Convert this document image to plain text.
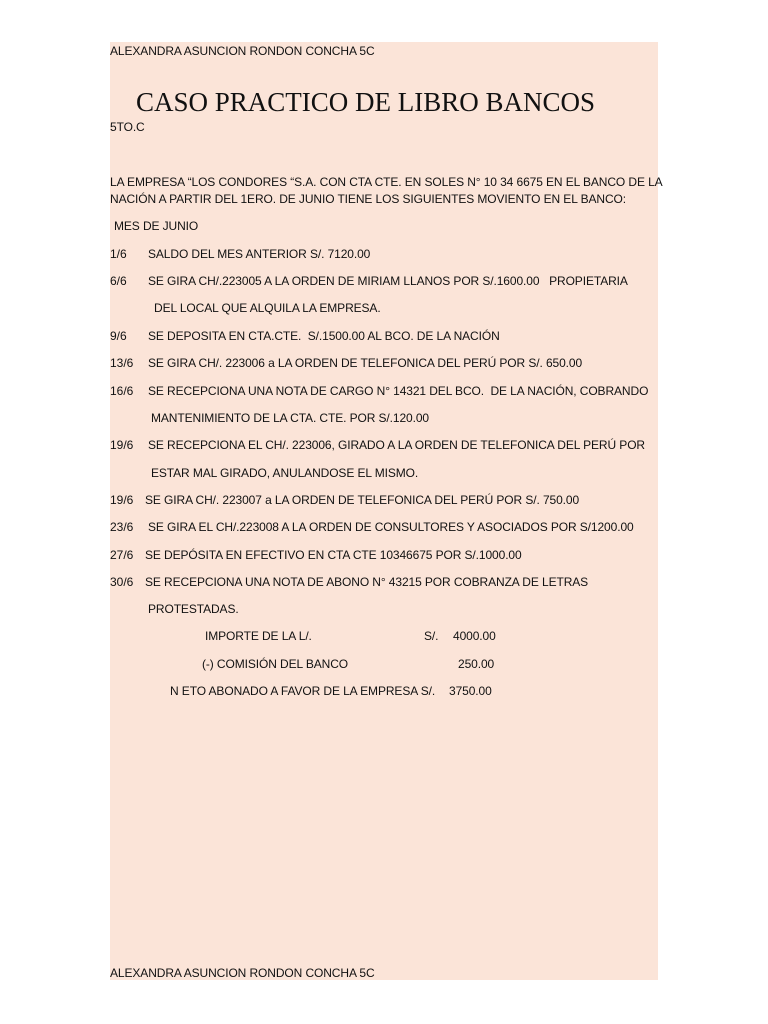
ALEXANDRA ASUNCION RONDON CONCHA 5C
CASO PRACTICO DE LIBRO BANCOS
5TO.C
LA EMPRESA “LOS CONDORES “S.A. CON CTA CTE. EN SOLES N° 10 34 6675 EN EL BANCO DE LA
NACIÓN A PARTIR DEL 1ERO. DE JUNIO TIENE LOS SIGUIENTES MOVIENTO EN EL BANCO:
MES DE JUNIO
1/6 SALDO DEL MES ANTERIOR S/. 7120.00
6/6 SE GIRA CH/.223005 A LA ORDEN DE MIRIAM LLANOS POR S/.1600.00   PROPIETARIA
DEL LOCAL QUE ALQUILA LA EMPRESA.
9/6 SE DEPOSITA EN CTA.CTE.  S/.1500.00 AL BCO. DE LA NACIÓN
13/6 SE GIRA CH/. 223006 a LA ORDEN DE TELEFONICA DEL PERÚ POR S/. 650.00
16/6 SE RECEPCIONA UNA NOTA DE CARGO N° 14321 DEL BCO.  DE LA NACIÓN, COBRANDO
MANTENIMIENTO DE LA CTA. CTE. POR S/.120.00
19/6 SE RECEPCIONA EL CH/. 223006, GIRADO A LA ORDEN DE TELEFONICA DEL PERÚ POR
ESTAR MAL GIRADO, ANULANDOSE EL MISMO.
19/6 SE GIRA CH/. 223007 a LA ORDEN DE TELEFONICA DEL PERÚ POR S/. 750.00
23/6 SE GIRA EL CH/.223008 A LA ORDEN DE CONSULTORES Y ASOCIADOS POR S/1200.00
27/6 SE DEPÓSITA EN EFECTIVO EN CTA CTE 10346675 POR S/.1000.00
30/6 SE RECEPCIONA UNA NOTA DE ABONO N° 43215 POR COBRANZA DE LETRAS
PROTESTADAS.
IMPORTE DE LA L/.	S/. 4000.00
(-) COMISIÓN DEL BANCO	250.00
N ETO ABONADO A FAVOR DE LA EMPRESA S/. 3750.00
ALEXANDRA ASUNCION RONDON CONCHA 5C
